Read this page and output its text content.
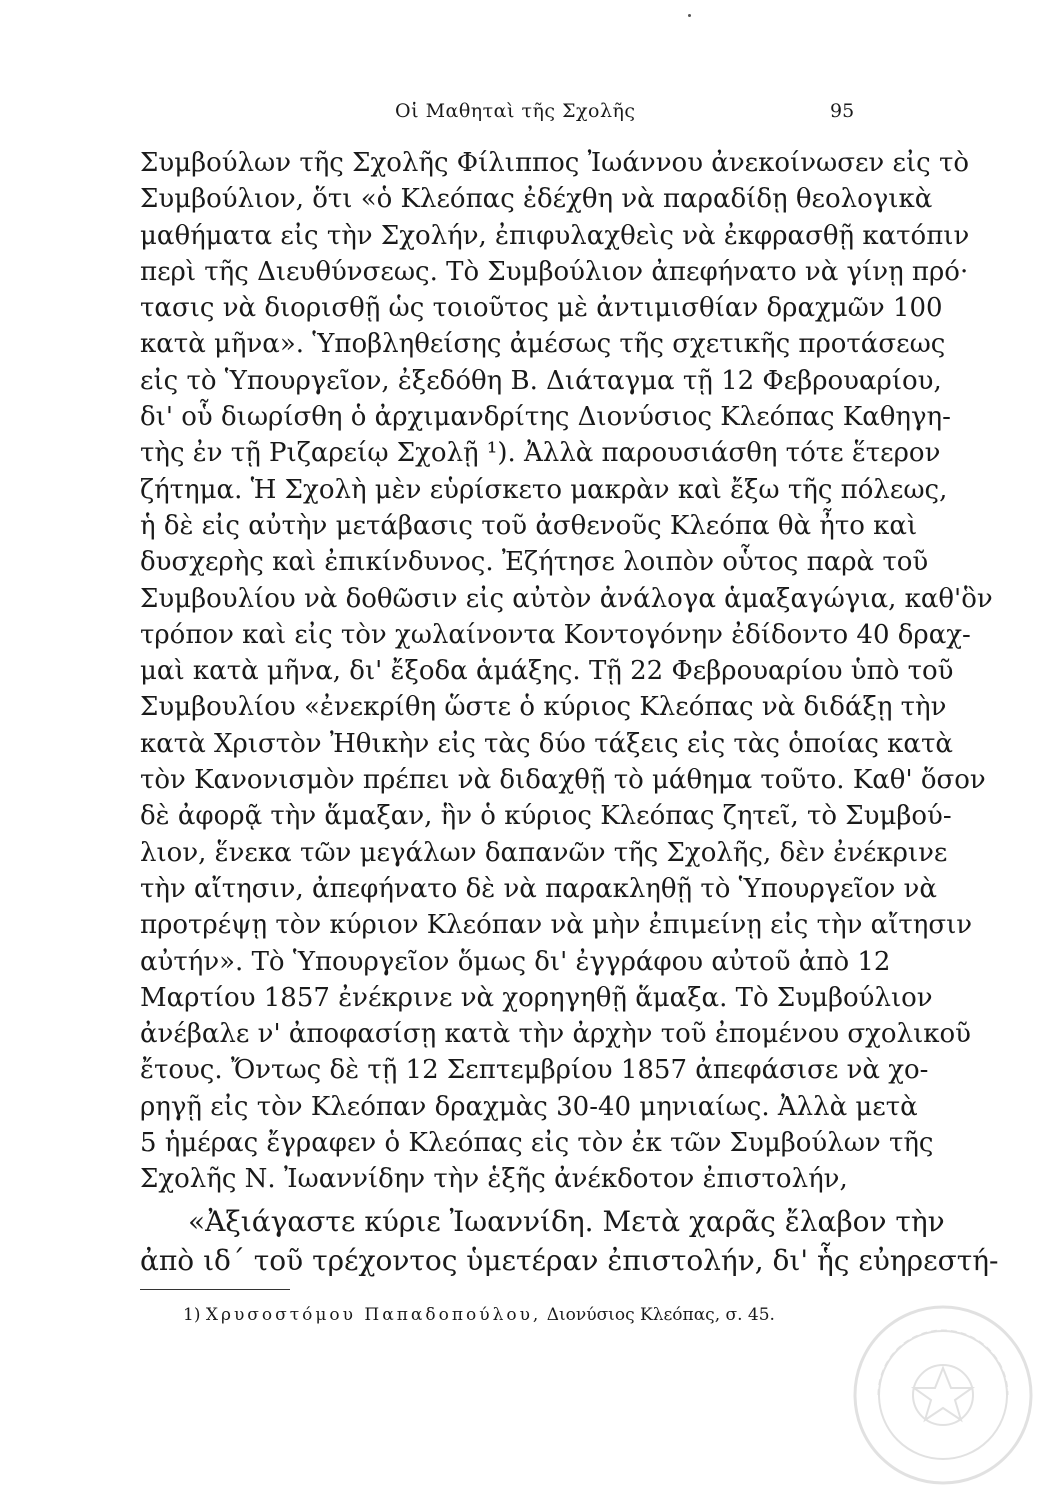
Οἱ Μαθηταὶ τῆς Σχολῆς	95
Συμβούλων τῆς Σχολῆς Φίλιππος Ἰωάννου ἀνεκοίνωσεν εἰς τὸ
Συμβούλιον, ὅτι «ὁ Κλεόπας ἐδέχθη νὰ παραδίδῃ θεολογικὰ
μαθήματα εἰς τὴν Σχολήν, ἐπιφυλαχθεὶς νὰ ἐκφρασθῇ κατόπιν
περὶ τῆς Διευθύνσεως. Τὸ Συμβούλιον ἀπεφήνατο νὰ γίνῃ πρό·
τασις νὰ διορισθῇ ὡς τοιοῦτος μὲ ἀντιμισθίαν δραχμῶν 100
κατὰ μῆνα». Ὑποβληθείσης ἀμέσως τῆς σχετικῆς προτάσεως
εἰς τὸ Ὑπουργεῖον, ἐξεδόθη Β. Διάταγμα τῇ 12 Φεβρουαρίου,
δι' οὗ διωρίσθη ὁ ἀρχιμανδρίτης Διονύσιος Κλεόπας Καθηγη-
τὴς ἐν τῇ Ριζαρείῳ Σχολῇ ¹). Ἀλλὰ παρουσιάσθη τότε ἕτερον
ζήτημα. Ἡ Σχολὴ μὲν εὑρίσκετο μακρὰν καὶ ἔξω τῆς πόλεως,
ἡ δὲ εἰς αὐτὴν μετάβασις τοῦ ἀσθενοῦς Κλεόπα θὰ ἦτο καὶ
δυσχερὴς καὶ ἐπικίνδυνος. Ἐζήτησε λοιπὸν οὗτος παρὰ τοῦ
Συμβουλίου νὰ δοθῶσιν εἰς αὐτὸν ἀνάλογα ἁμαξαγώγια, καθ'ὃν
τρόπον καὶ εἰς τὸν χωλαίνοντα Κοντογόνην ἐδίδοντο 40 δραχ-
μαὶ κατὰ μῆνα, δι' ἔξοδα ἁμάξης. Τῇ 22 Φεβρουαρίου ὑπὸ τοῦ
Συμβουλίου «ἐνεκρίθη ὥστε ὁ κύριος Κλεόπας νὰ διδάξῃ τὴν
κατὰ Χριστὸν Ἠθικὴν εἰς τὰς δύο τάξεις εἰς τὰς ὁποίας κατὰ
τὸν Κανονισμὸν πρέπει νὰ διδαχθῇ τὸ μάθημα τοῦτο. Καθ' ὅσον
δὲ ἀφορᾷ τὴν ἅμαξαν, ἣν ὁ κύριος Κλεόπας ζητεῖ, τὸ Συμβού-
λιον, ἕνεκα τῶν μεγάλων δαπανῶν τῆς Σχολῆς, δὲν ἐνέκρινε
τὴν αἴτησιν, ἀπεφήνατο δὲ νὰ παρακληθῇ τὸ Ὑπουργεῖον νὰ
προτρέψῃ τὸν κύριον Κλεόπαν νὰ μὴν ἐπιμείνῃ εἰς τὴν αἴτησιν
αὐτήν». Τὸ Ὑπουργεῖον ὅμως δι' ἐγγράφου αὐτοῦ ἀπὸ 12
Μαρτίου 1857 ἐνέκρινε νὰ χορηγηθῇ ἅμαξα. Τὸ Συμβούλιον
ἀνέβαλε ν' ἀποφασίσῃ κατὰ τὴν ἀρχὴν τοῦ ἐπομένου σχολικοῦ
ἔτους. Ὄντως δὲ τῇ 12 Σεπτεμβρίου 1857 ἀπεφάσισε νὰ χο-
ρηγῇ εἰς τὸν Κλεόπαν δραχμὰς 30-40 μηνιαίως. Ἀλλὰ μετὰ
5 ἡμέρας ἔγραφεν ὁ Κλεόπας εἰς τὸν ἐκ τῶν Συμβούλων τῆς
Σχολῆς Ν. Ἰωαννίδην τὴν ἑξῆς ἀνέκδοτον ἐπιστολήν,
«Ἀξιάγαστε κύριε Ἰωαννίδη. Μετὰ χαρᾶς ἔλαβον τὴν
ἀπὸ ιδ΄ τοῦ τρέχοντος ὑμετέραν ἐπιστολήν, δι' ἧς εὐηρεστή-
1) Χρυσοστόμου Παπαδοπούλου, Διονύσιος Κλεόπας, σ. 45.
